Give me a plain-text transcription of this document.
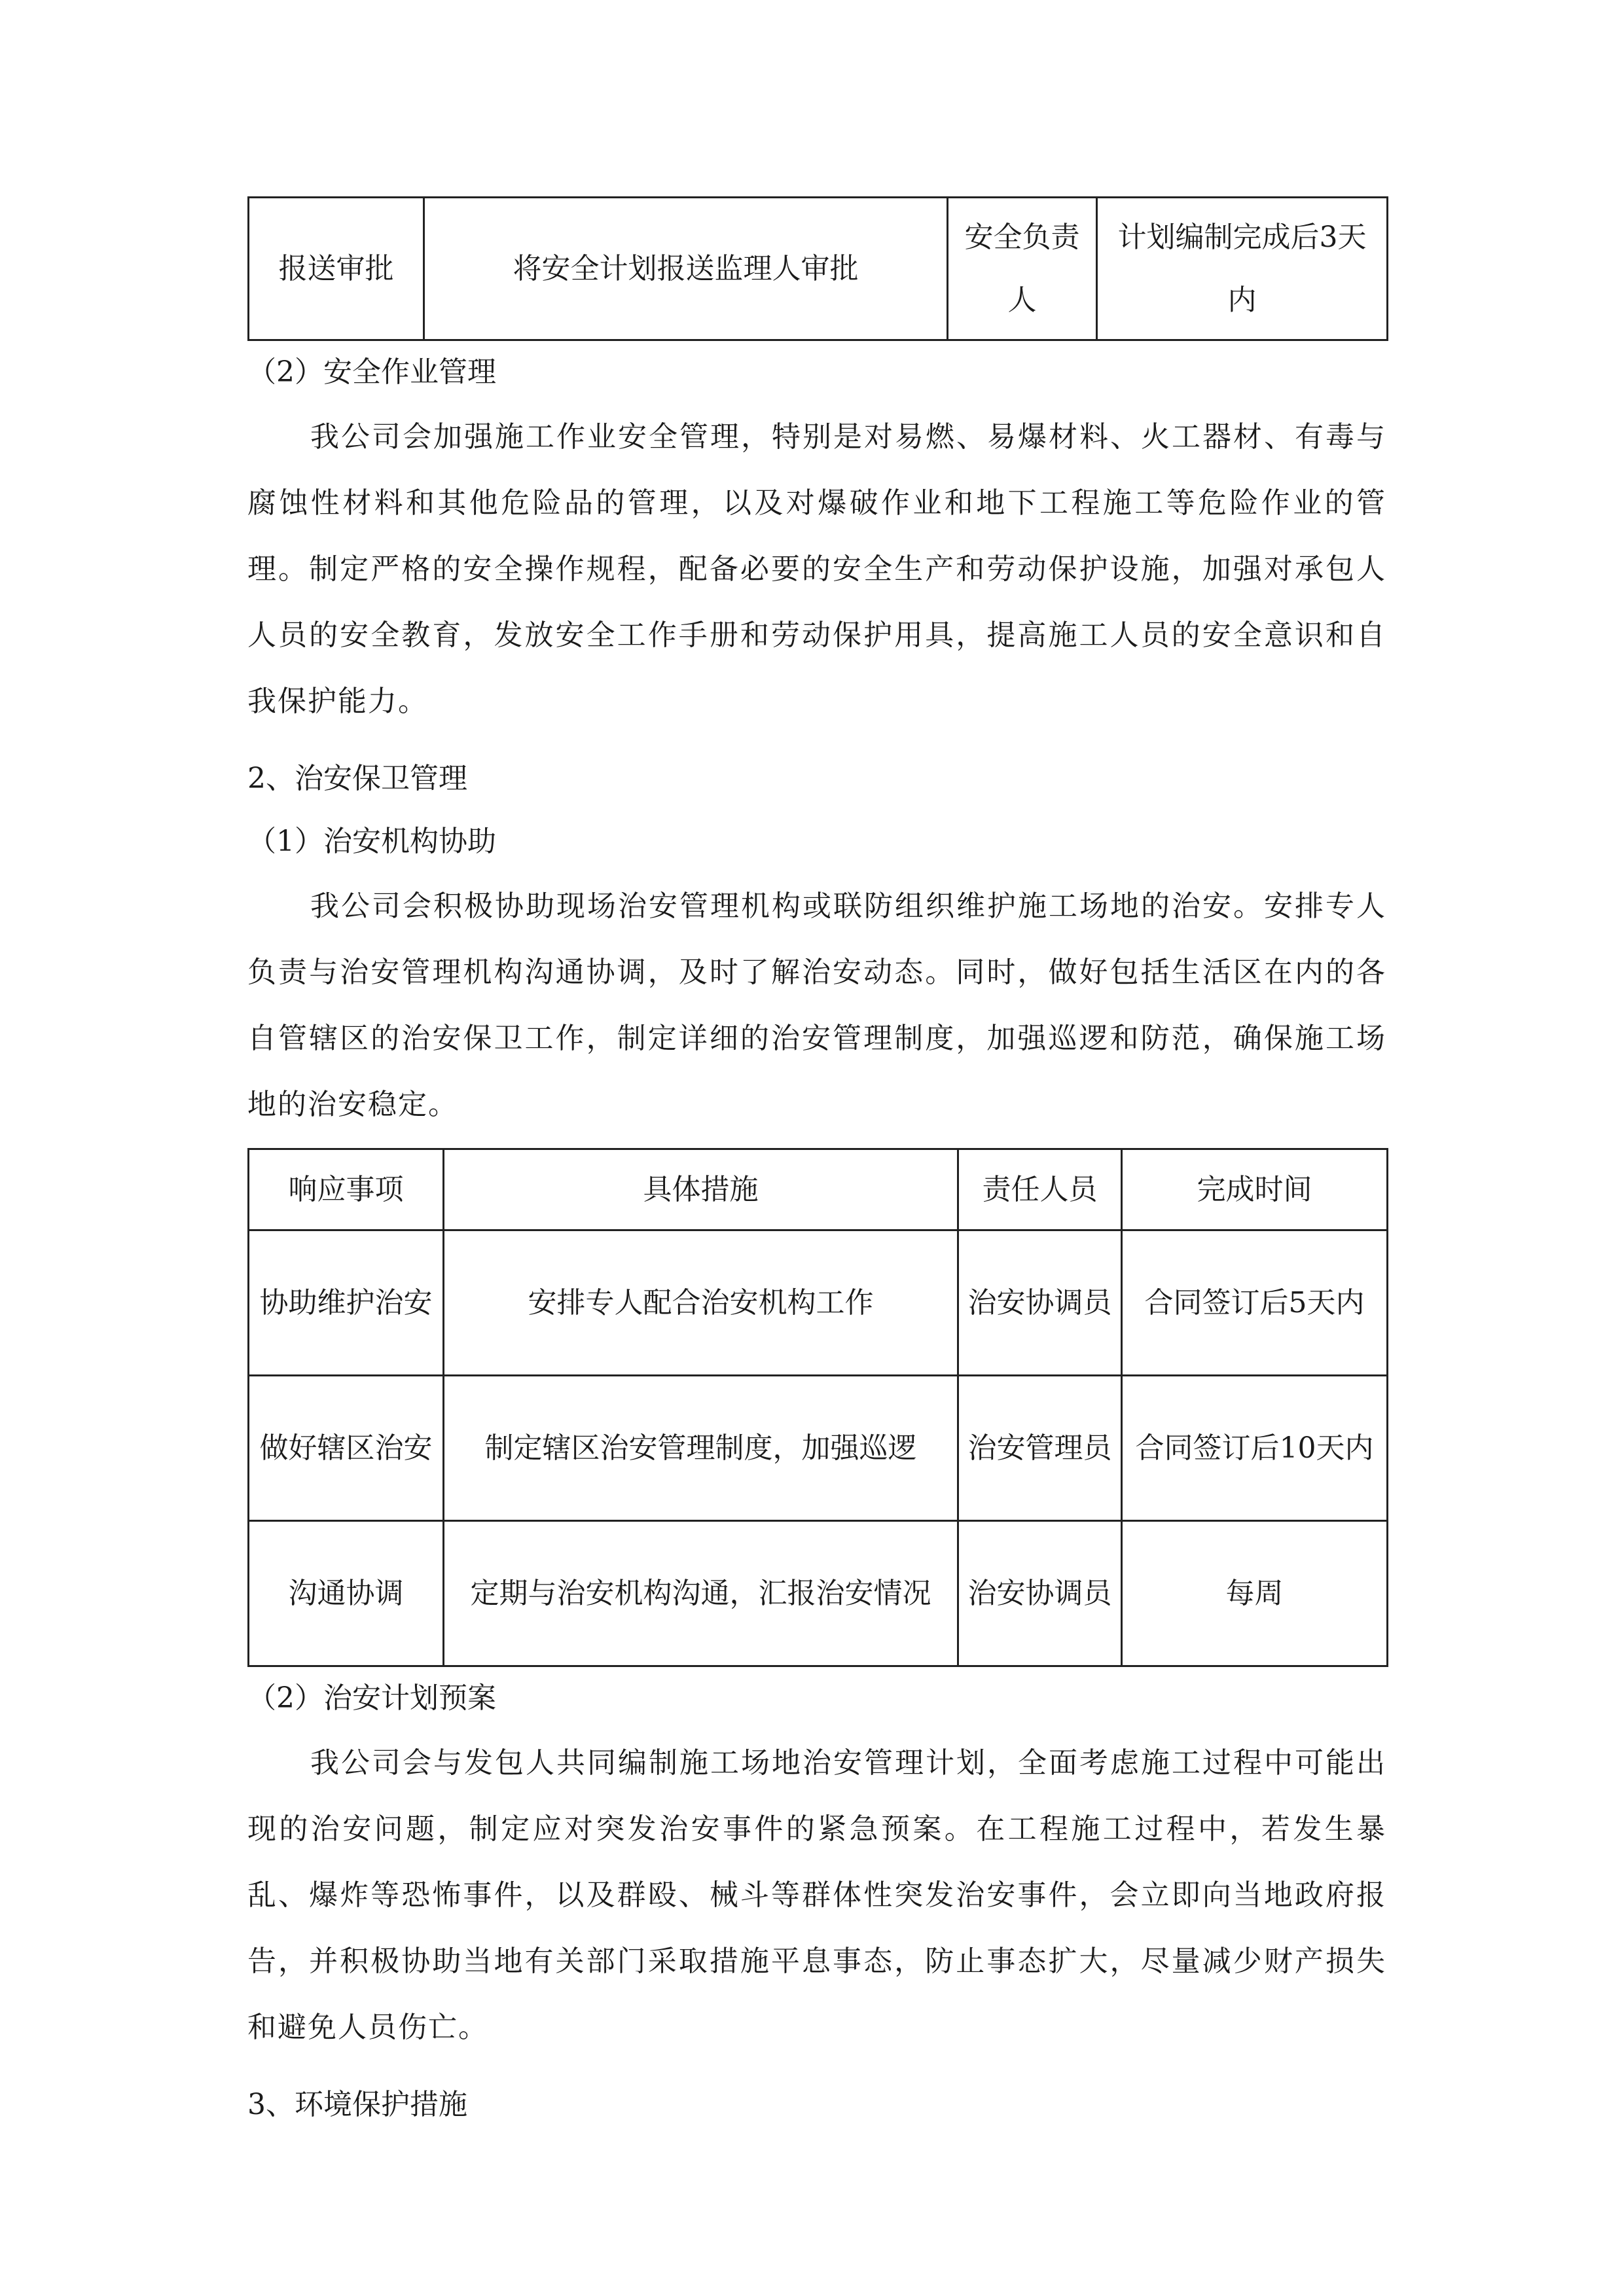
报送审批	将安全计划报送监理人审批	安全负责人	计划编制完成后3天内

（2）安全作业管理

我公司会加强施工作业安全管理，特别是对易燃、易爆材料、火工器材、有毒与腐蚀性材料和其他危险品的管理，以及对爆破作业和地下工程施工等危险作业的管理。制定严格的安全操作规程，配备必要的安全生产和劳动保护设施，加强对承包人人员的安全教育，发放安全工作手册和劳动保护用具，提高施工人员的安全意识和自我保护能力。

2、治安保卫管理

（1）治安机构协助

我公司会积极协助现场治安管理机构或联防组织维护施工场地的治安。安排专人负责与治安管理机构沟通协调，及时了解治安动态。同时，做好包括生活区在内的各自管辖区的治安保卫工作，制定详细的治安管理制度，加强巡逻和防范，确保施工场地的治安稳定。

响应事项	具体措施	责任人员	完成时间
协助维护治安	安排专人配合治安机构工作	治安协调员	合同签订后5天内
做好辖区治安	制定辖区治安管理制度，加强巡逻	治安管理员	合同签订后10天内
沟通协调	定期与治安机构沟通，汇报治安情况	治安协调员	每周

（2）治安计划预案

我公司会与发包人共同编制施工场地治安管理计划，全面考虑施工过程中可能出现的治安问题，制定应对突发治安事件的紧急预案。在工程施工过程中，若发生暴乱、爆炸等恐怖事件，以及群殴、械斗等群体性突发治安事件，会立即向当地政府报告，并积极协助当地有关部门采取措施平息事态，防止事态扩大，尽量减少财产损失和避免人员伤亡。

3、环境保护措施
